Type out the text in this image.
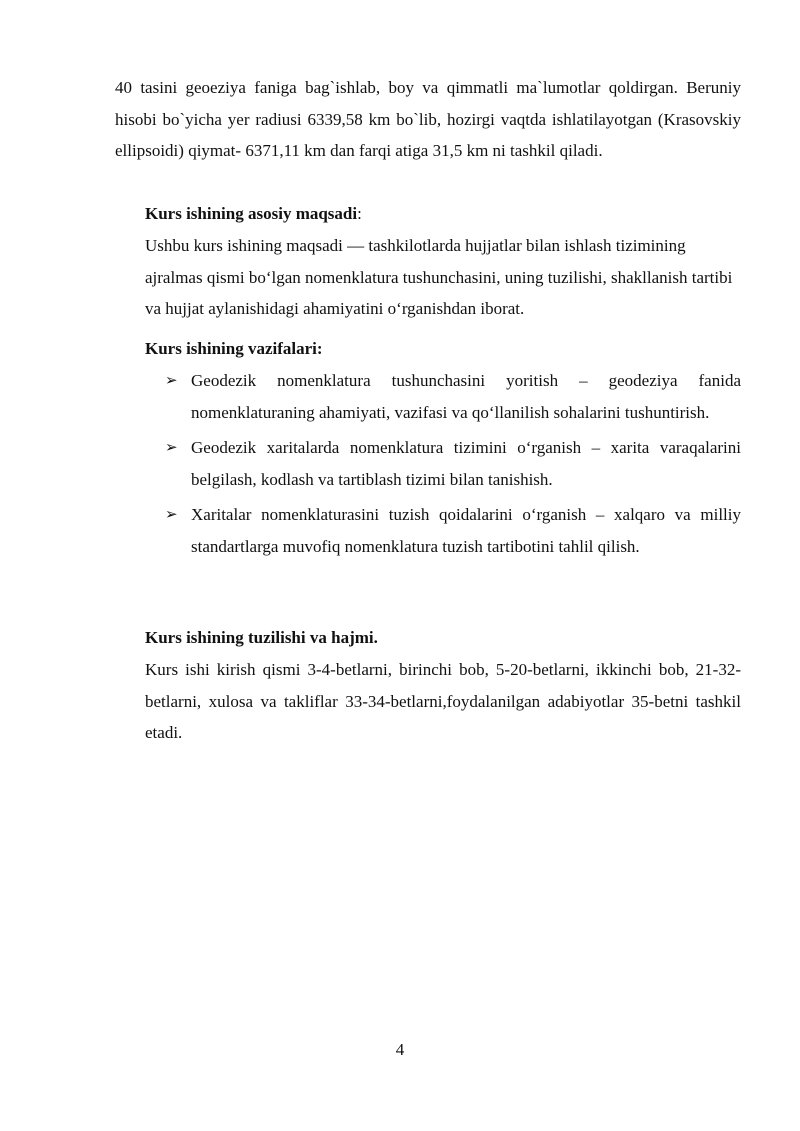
40 tasini geoeziya faniga bag`ishlab, boy va qimmatli ma`lumotlar qoldirgan. Beruniy hisobi bo`yicha yer radiusi 6339,58 km bo`lib, hozirgi vaqtda ishlatilayotgan (Krasovskiy ellipsoidi) qiymat- 6371,11 km dan farqi atiga 31,5 km ni tashkil qiladi.

Kurs ishining asosiy maqsadi:

Ushbu kurs ishining maqsadi — tashkilotlarda hujjatlar bilan ishlash tizimining ajralmas qismi bo‘lgan nomenklatura tushunchasini, uning tuzilishi, shakllanish tartibi va hujjat aylanishidagi ahamiyatini o‘rganishdan iborat.

Kurs ishining vazifalari:

➢ Geodezik nomenklatura tushunchasini yoritish – geodeziya fanida nomenklaturaning ahamiyati, vazifasi va qo‘llanilish sohalarini tushuntirish.
➢ Geodezik xaritalarda nomenklatura tizimini o‘rganish – xarita varaqalarini belgilash, kodlash va tartiblash tizimi bilan tanishish.
➢ Xaritalar nomenklaturasini tuzish qoidalarini o‘rganish – xalqaro va milliy standartlarga muvofiq nomenklatura tuzish tartibotini tahlil qilish.

Kurs ishining tuzilishi va hajmi.

Kurs ishi kirish qismi 3-4-betlarni, birinchi bob, 5-20-betlarni, ikkinchi bob, 21-32-betlarni, xulosa va takliflar 33-34-betlarni,foydalanilgan adabiyotlar 35-betni tashkil etadi.

4
